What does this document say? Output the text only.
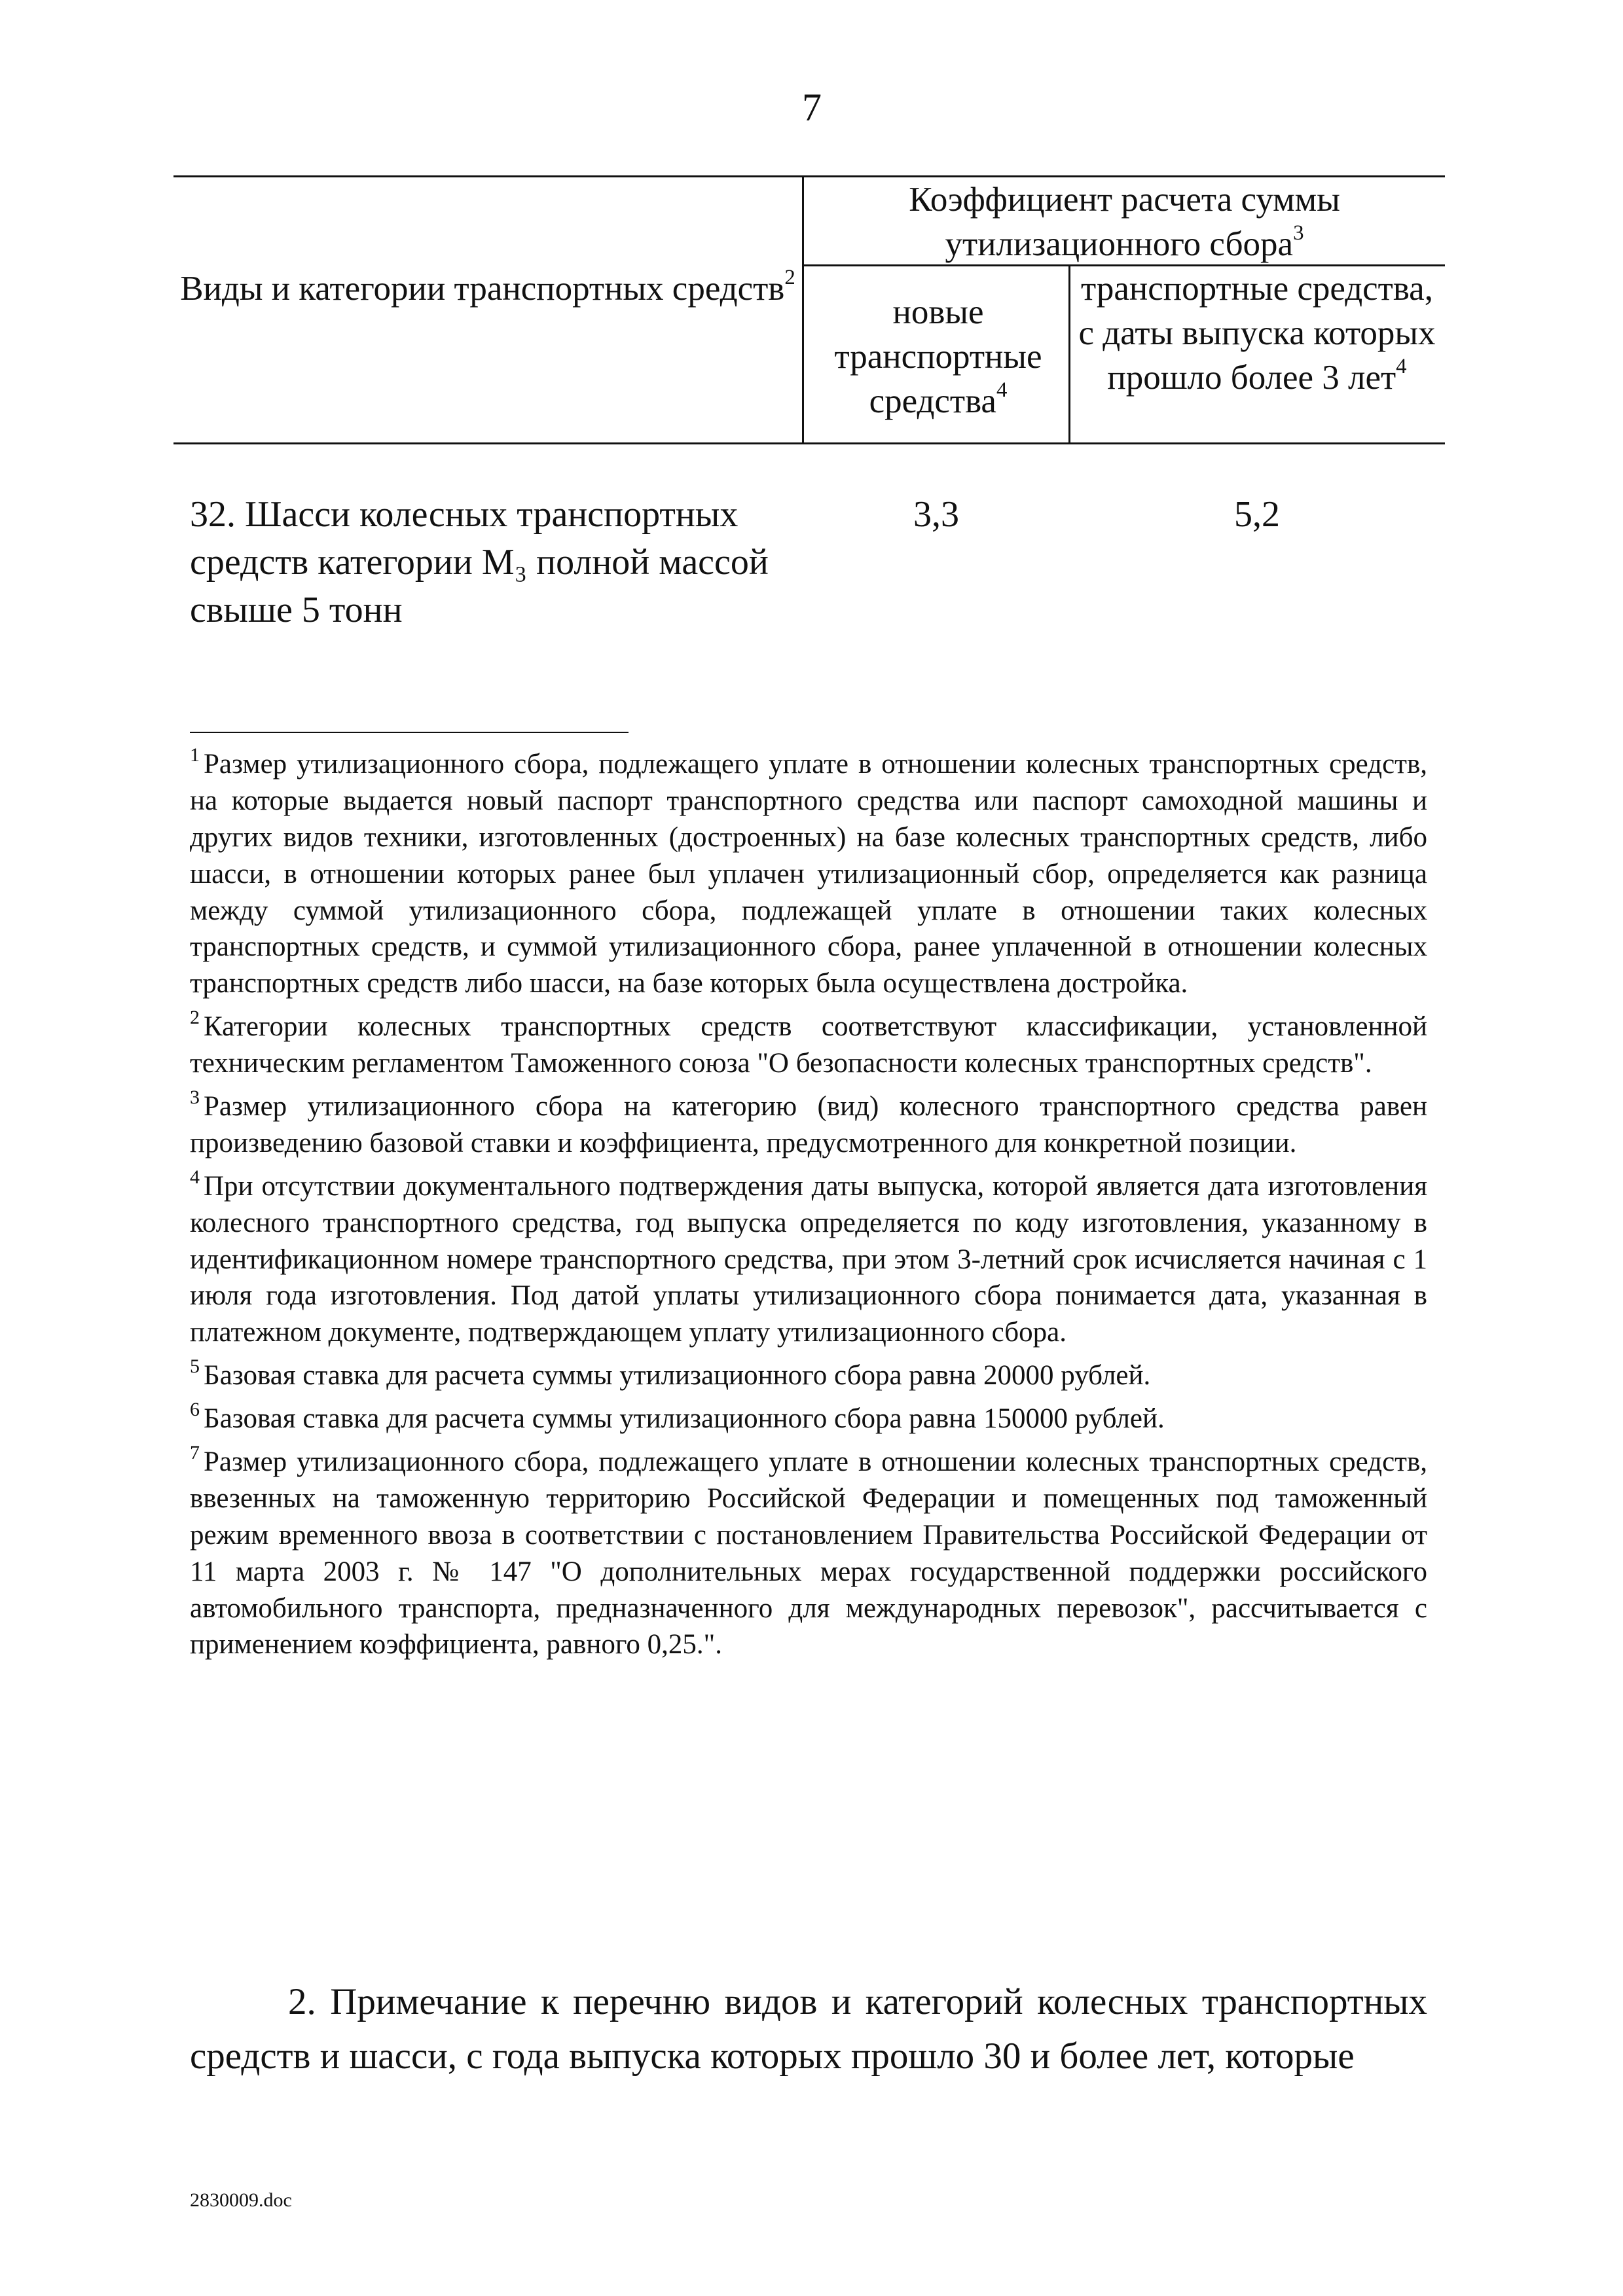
7
Виды и категории транспортных средств$^2$
Коэффициент расчета суммы утилизационного сбора$^3$
новые транспортные средства$^4$
транспортные средства, с даты выпуска которых прошло более 3 лет$^4$
32. Шасси колесных транспортных средств категории M₃ полной массой свыше 5 тонн
3,3	5,2

$^1$ Размер утилизационного сбора, подлежащего уплате в отношении колесных транспортных средств, на которые выдается новый паспорт транспортного средства или паспорт самоходной машины и других видов техники, изготовленных (достроенных) на базе колесных транспортных средств, либо шасси, в отношении которых ранее был уплачен утилизационный сбор, определяется как разница между суммой утилизационного сбора, подлежащей уплате в отношении таких колесных транспортных средств, и суммой утилизационного сбора, ранее уплаченной в отношении колесных транспортных средств либо шасси, на базе которых была осуществлена достройка.

$^2$ Категории колесных транспортных средств соответствуют классификации, установленной техническим регламентом Таможенного союза "О безопасности колесных транспортных средств".

$^3$ Размер утилизационного сбора на категорию (вид) колесного транспортного средства равен произведению базовой ставки и коэффициента, предусмотренного для конкретной позиции.

$^4$ При отсутствии документального подтверждения даты выпуска, которой является дата изготовления колесного транспортного средства, год выпуска определяется по коду изготовления, указанному в идентификационном номере транспортного средства, при этом 3-летний срок исчисляется начиная с 1 июля года изготовления. Под датой уплаты утилизационного сбора понимается дата, указанная в платежном документе, подтверждающем уплату утилизационного сбора.

$^5$ Базовая ставка для расчета суммы утилизационного сбора равна 20000 рублей.

$^6$ Базовая ставка для расчета суммы утилизационного сбора равна 150000 рублей.

$^7$ Размер утилизационного сбора, подлежащего уплате в отношении колесных транспортных средств, ввезенных на таможенную территорию Российской Федерации и помещенных под таможенный режим временного ввоза в соответствии с постановлением Правительства Российской Федерации от 11 марта 2003 г. № 147 "О дополнительных мерах государственной поддержки российского автомобильного транспорта, предназначенного для международных перевозок", рассчитывается с применением коэффициента, равного 0,25.".

2. Примечание к перечню видов и категорий колесных транспортных средств и шасси, с года выпуска которых прошло 30 и более лет, которые
2830009.doc
